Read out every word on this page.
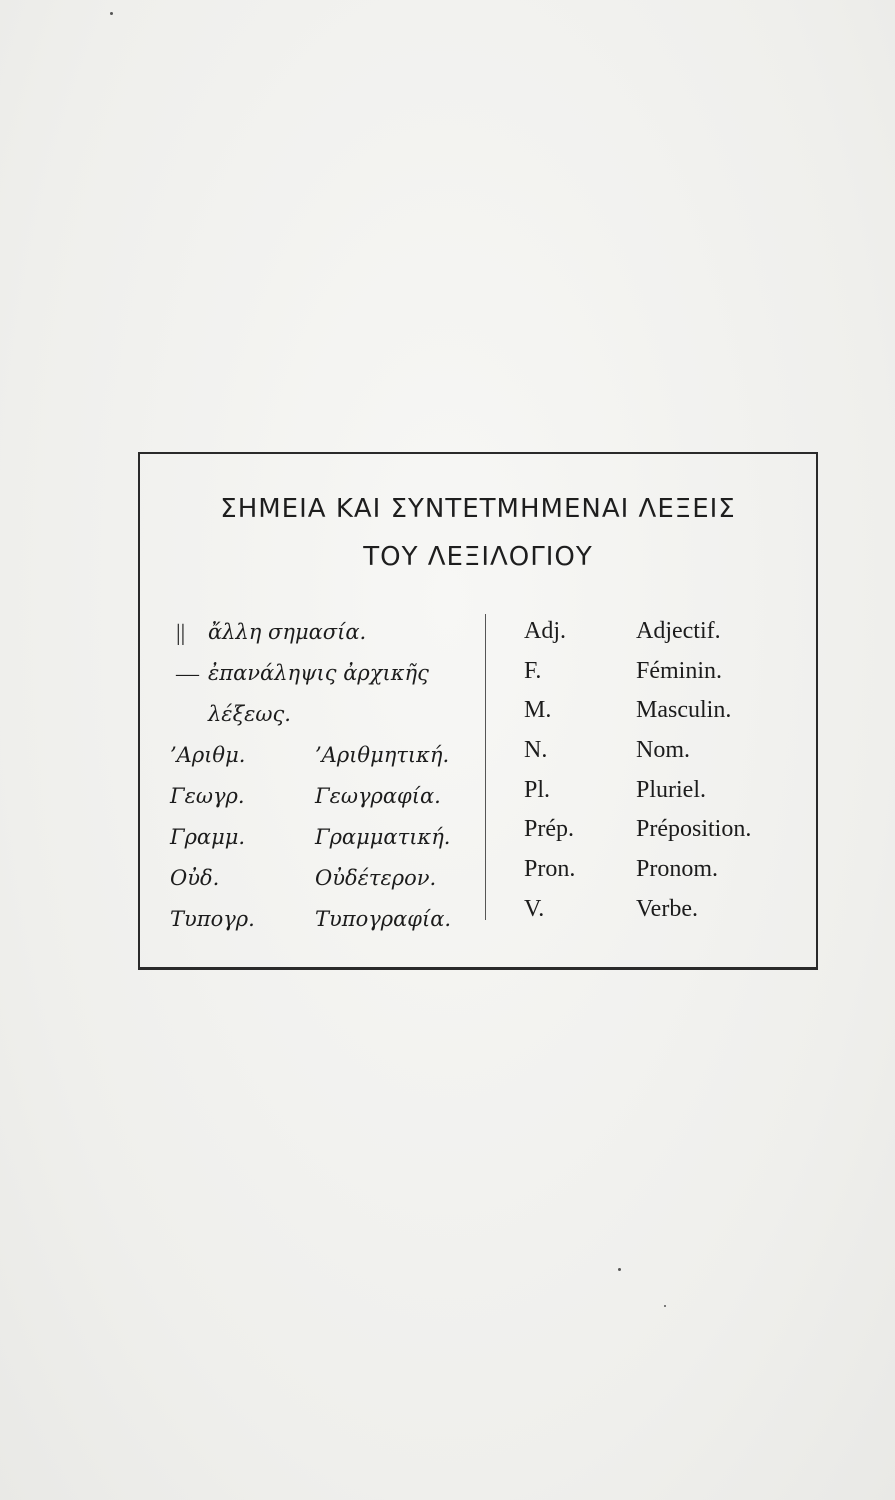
ΣΗΜΕΙΑ ΚΑΙ ΣΥΝΤΕΤΜΗΜΕΝΑΙ ΛΕΞΕΙΣ
ΤΟΥ ΛΕΞΙΛΟΓΙΟΥ
|| ἄλλη σημασία.
— ἐπανάληψις ἀρχικῆς
λέξεως.
’Αριθμ.	’Αριθμητική.
Γεωγρ.	Γεωγραφία.
Γραμμ.	Γραμματική.
Οὐδ.	Οὐδέτερον.
Τυπογρ.	Τυπογραφία.
Adj.	Adjectif.
F.	Féminin.
M.	Masculin.
N.	Nom.
Pl.	Pluriel.
Prép.	Préposition.
Pron.	Pronom.
V.	Verbe.
